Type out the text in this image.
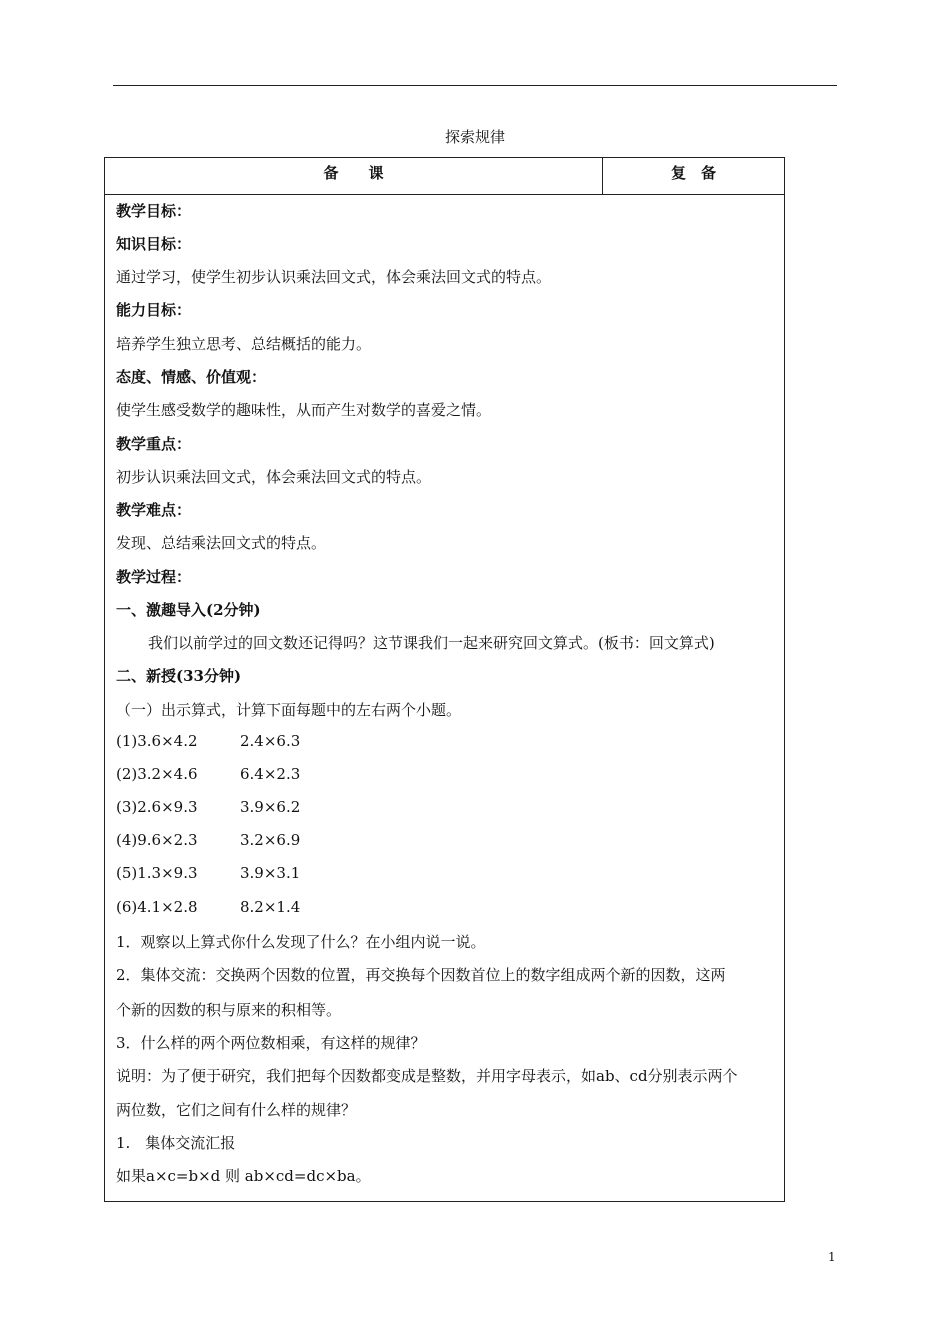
探索规律
备　　课	复　备
教学目标：
知识目标：
通过学习，使学生初步认识乘法回文式，体会乘法回文式的特点。
能力目标：
培养学生独立思考、总结概括的能力。
态度、情感、价值观：
使学生感受数学的趣味性，从而产生对数学的喜爱之情。
教学重点：
初步认识乘法回文式，体会乘法回文式的特点。
教学难点：
发现、总结乘法回文式的特点。
教学过程：
一、激趣导入(2分钟)
我们以前学过的回文数还记得吗？这节课我们一起来研究回文算式。(板书：回文算式)
二、新授(33分钟)
（一）出示算式，计算下面每题中的左右两个小题。
(1)3.6×4.2	2.4×6.3
(2)3.2×4.6	6.4×2.3
(3)2.6×9.3	3.9×6.2
(4)9.6×2.3	3.2×6.9
(5)1.3×9.3	3.9×3.1
(6)4.1×2.8	8.2×1.4
1．观察以上算式你什么发现了什么？在小组内说一说。
2．集体交流：交换两个因数的位置，再交换每个因数首位上的数字组成两个新的因数，这两
个新的因数的积与原来的积相等。
3．什么样的两个两位数相乘，有这样的规律？
说明：为了便于研究，我们把每个因数都变成是整数，并用字母表示，如ab、cd分别表示两个
两位数，它们之间有什么样的规律？
1.　集体交流汇报
如果a×c=b×d 则 ab×cd=dc×ba。
1
